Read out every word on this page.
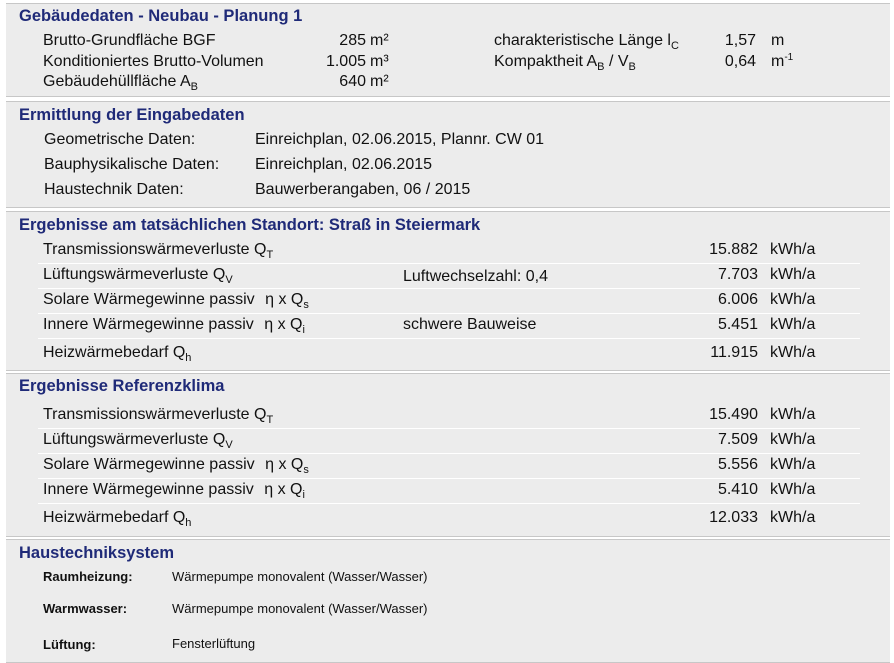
Gebäudedaten - Neubau - Planung 1
Brutto-Grundfläche BGF	285 m²
Konditioniertes Brutto-Volumen	1.005 m³
Gebäudehüllfläche $A_B$	640 m²
charakteristische Länge $l_C$	1,57 m
Kompaktheit $A_B / V_B$	0,64 $m^{-1}$
Ermittlung der Eingabedaten
Geometrische Daten:	Einreichplan, 02.06.2015, Plannr. CW 01
Bauphysikalische Daten: Einreichplan, 02.06.2015
Haustechnik Daten:	Bauwerberangaben, 06 / 2015
Ergebnisse am tatsächlichen Standort: Straß in Steiermark
Transmissionswärmeverluste $Q_T$	15.882 kWh/a
Lüftungswärmeverluste $Q_V$	Luftwechselzahl: 0,4	7.703 kWh/a
Solare Wärmegewinne passiv η x $Q_s$	6.006 kWh/a
Innere Wärmegewinne passiv η x $Q_i$	schwere Bauweise	5.451 kWh/a
Heizwärmebedarf $Q_h$	11.915 kWh/a
Ergebnisse Referenzklima
Transmissionswärmeverluste $Q_T$	15.490 kWh/a
Lüftungswärmeverluste $Q_V$	7.509 kWh/a
Solare Wärmegewinne passiv η x $Q_s$	5.556 kWh/a
Innere Wärmegewinne passiv η x $Q_i$	5.410 kWh/a
Heizwärmebedarf $Q_h$	12.033 kWh/a
Haustechniksystem
Raumheizung:	Wärmepumpe monovalent (Wasser/Wasser)
Warmwasser:	Wärmepumpe monovalent (Wasser/Wasser)
Lüftung:	Fensterlüftung
